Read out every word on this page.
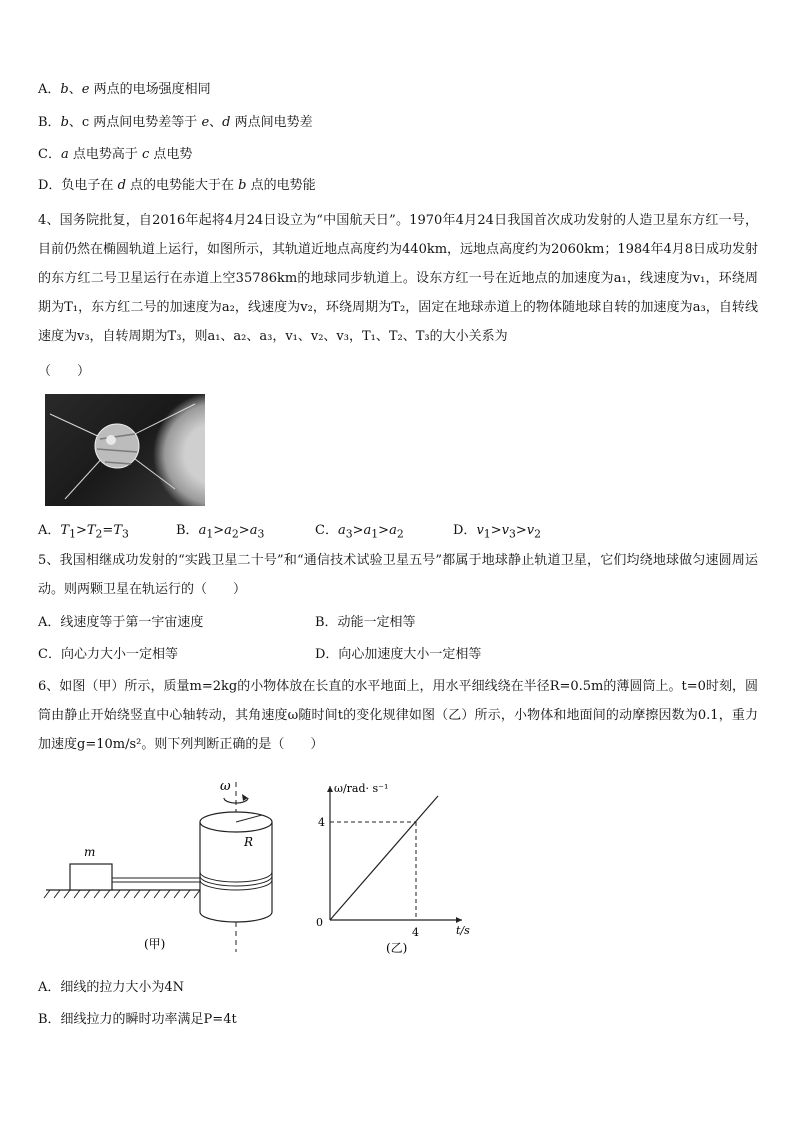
A．b、e 两点的电场强度相同
B．b、c 两点间电势差等于 e、d 两点间电势差
C．a 点电势高于 c 点电势
D．负电子在 d 点的电势能大于在 b 点的电势能
4、国务院批复，自2016年起将4月24日设立为“中国航天日”。1970年4月24日我国首次成功发射的人造卫星东方红一号，目前仍然在椭圆轨道上运行，如图所示，其轨道近地点高度约为440km，远地点高度约为2060km；1984年4月8日成功发射的东方红二号卫星运行在赤道上空35786km的地球同步轨道上。设东方红一号在近地点的加速度为a₁，线速度为v₁，环绕周期为T₁，东方红二号的加速度为a₂，线速度为v₂，环绕周期为T₂，固定在地球赤道上的物体随地球自转的加速度为a₃，自转线速度为v₃，自转周期为T₃，则a₁、a₂、a₃，v₁、v₂、v₃，T₁、T₂、T₃的大小关系为
（　　）
A．$T_1>T_2=T_3$	B．$a_1>a_2>a_3$	C．$a_3>a_1>a_2$	D．$v_1>v_3>v_2$
5、我国相继成功发射的“实践卫星二十号”和“通信技术试验卫星五号”都属于地球静止轨道卫星，它们均绕地球做匀速圆周运动。则两颗卫星在轨运行的（　　）
A．线速度等于第一宇宙速度	B．动能一定相等
C．向心力大小一定相等	D．向心加速度大小一定相等
6、如图（甲）所示，质量m=2kg的小物体放在长直的水平地面上，用水平细线绕在半径R=0.5m的薄圆筒上。t=0时刻，圆筒由静止开始绕竖直中心轴转动，其角速度ω随时间t的变化规律如图（乙）所示，小物体和地面间的动摩擦因数为0.1，重力加速度g=10m/s²。则下列判断正确的是（　　）
m
R
ω
(甲)
ω/rad· s⁻¹
t/s
4
4
0
(乙)
A．细线的拉力大小为4N
B．细线拉力的瞬时功率满足P=4t
